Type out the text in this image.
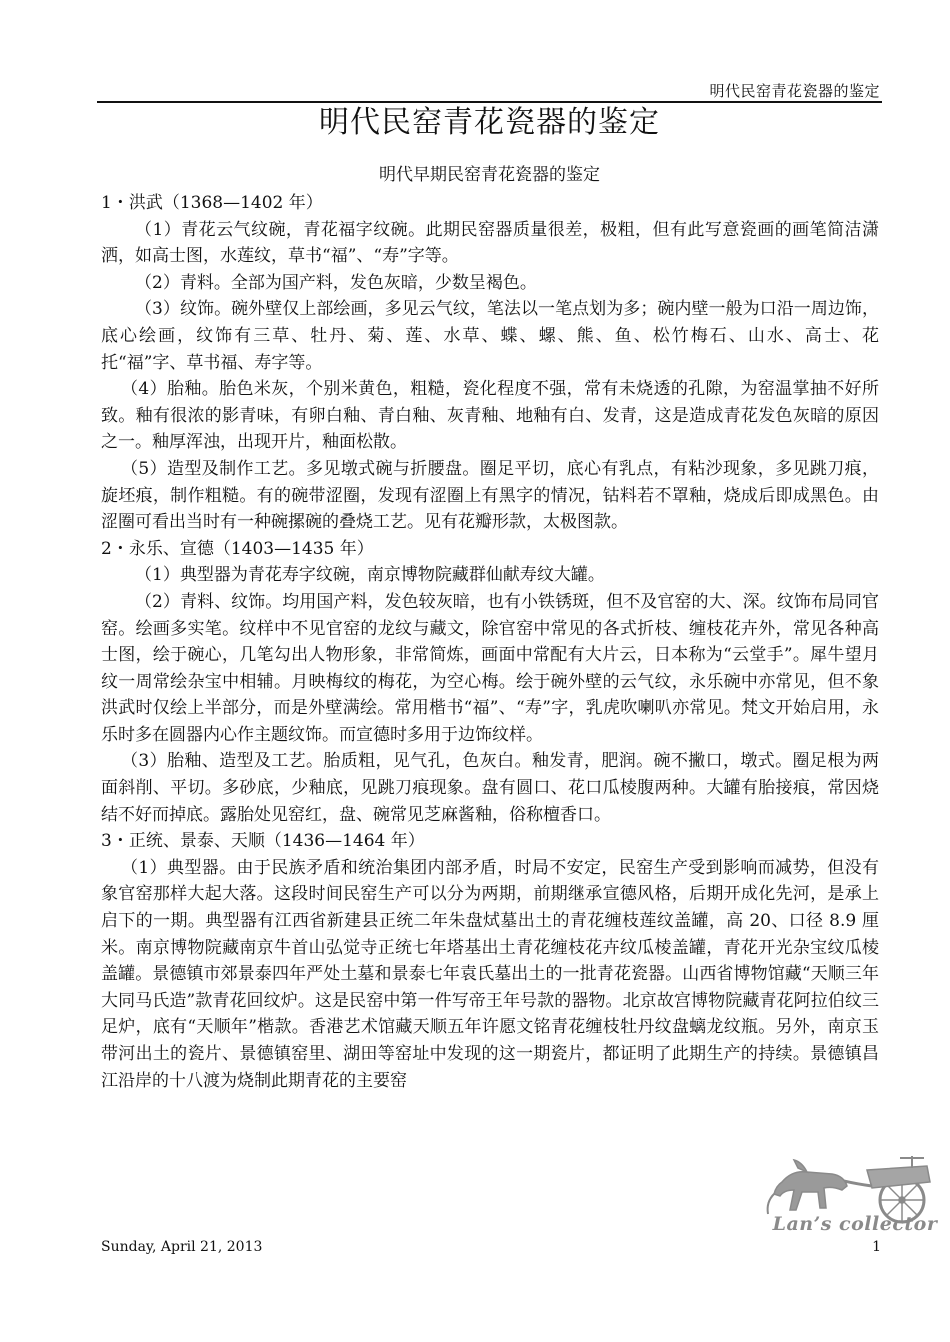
明代民窑青花瓷器的鉴定
明代民窑青花瓷器的鉴定
明代早期民窑青花瓷器的鉴定

1・洪武（1368—1402 年）

（1）青花云气纹碗，青花福字纹碗。此期民窑器质量很差，极粗，但有此写意瓷画的画笔简洁潇洒，如高士图，水莲纹，草书“福”、“寿”字等。

（2）青料。全部为国产料，发色灰暗，少数呈褐色。

（3）纹饰。碗外壁仅上部绘画，多见云气纹，笔法以一笔点划为多；碗内壁一般为口沿一周边饰，底心绘画，纹饰有三草、牡丹、菊、莲、水草、蝶、螺、熊、鱼、松竹梅石、山水、高士、花托“福”字、草书福、寿字等。

（4）胎釉。胎色米灰，个别米黄色，粗糙，瓷化程度不强，常有未烧透的孔隙，为窑温掌抽不好所致。釉有很浓的影青味，有卵白釉、青白釉、灰青釉、地釉有白、发青，这是造成青花发色灰暗的原因之一。釉厚浑浊，出现开片，釉面松散。

（5）造型及制作工艺。多见墩式碗与折腰盘。圈足平切，底心有乳点，有粘沙现象，多见跳刀痕，旋坯痕，制作粗糙。有的碗带涩圈，发现有涩圈上有黑字的情况，钴料若不罩釉，烧成后即成黑色。由涩圈可看出当时有一种碗摞碗的叠烧工艺。见有花瓣形款，太极图款。

2・永乐、宣德（1403—1435 年）

（1）典型器为青花寿字纹碗，南京博物院藏群仙献寿纹大罐。

（2）青料、纹饰。均用国产料，发色较灰暗，也有小铁锈斑，但不及官窑的大、深。纹饰布局同官窑。绘画多实笔。纹样中不见官窑的龙纹与藏文，除官窑中常见的各式折枝、缠枝花卉外，常见各种高士图，绘于碗心，几笔勾出人物形象，非常简炼，画面中常配有大片云，日本称为“云堂手”。犀牛望月纹一周常绘杂宝中相辅。月映梅纹的梅花，为空心梅。绘于碗外壁的云气纹，永乐碗中亦常见，但不象洪武时仅绘上半部分，而是外壁满绘。常用楷书“福”、“寿”字，乳虎吹喇叭亦常见。梵文开始启用，永乐时多在圆器内心作主题纹饰。而宣德时多用于边饰纹样。

（3）胎釉、造型及工艺。胎质粗，见气孔，色灰白。釉发青，肥润。碗不撇口，墩式。圈足根为两面斜削、平切。多砂底，少釉底，见跳刀痕现象。盘有圆口、花口瓜棱腹两种。大罐有胎接痕，常因烧结不好而掉底。露胎处见窑红，盘、碗常见芝麻酱釉，俗称檀香口。

3・正统、景泰、天顺（1436—1464 年）

（1）典型器。由于民族矛盾和统治集团内部矛盾，时局不安定，民窑生产受到影响而减势，但没有象官窑那样大起大落。这段时间民窑生产可以分为两期，前期继承宣德风格，后期开成化先河，是承上启下的一期。典型器有江西省新建县正统二年朱盘烒墓出土的青花缠枝莲纹盖罐，高 20、口径 8.9 厘米。南京博物院藏南京牛首山弘觉寺正统七年塔基出土青花缠枝花卉纹瓜棱盖罐，青花开光杂宝纹瓜棱盖罐。景德镇市郊景泰四年严处土墓和景泰七年袁氏墓出土的一批青花瓷器。山西省博物馆藏“天顺三年大同马氏造”款青花回纹炉。这是民窑中第一件写帝王年号款的器物。北京故宫博物院藏青花阿拉伯纹三足炉，底有“天顺年”楷款。香港艺术馆藏天顺五年许愿文铭青花缠枝牡丹纹盘螭龙纹瓶。另外，南京玉带河出土的瓷片、景德镇窑里、湖田等窑址中发现的这一期瓷片，都证明了此期生产的持续。景德镇昌江沿岸的十八渡为烧制此期青花的主要窑

Lan’s collector
Sunday, April 21, 2013	1
